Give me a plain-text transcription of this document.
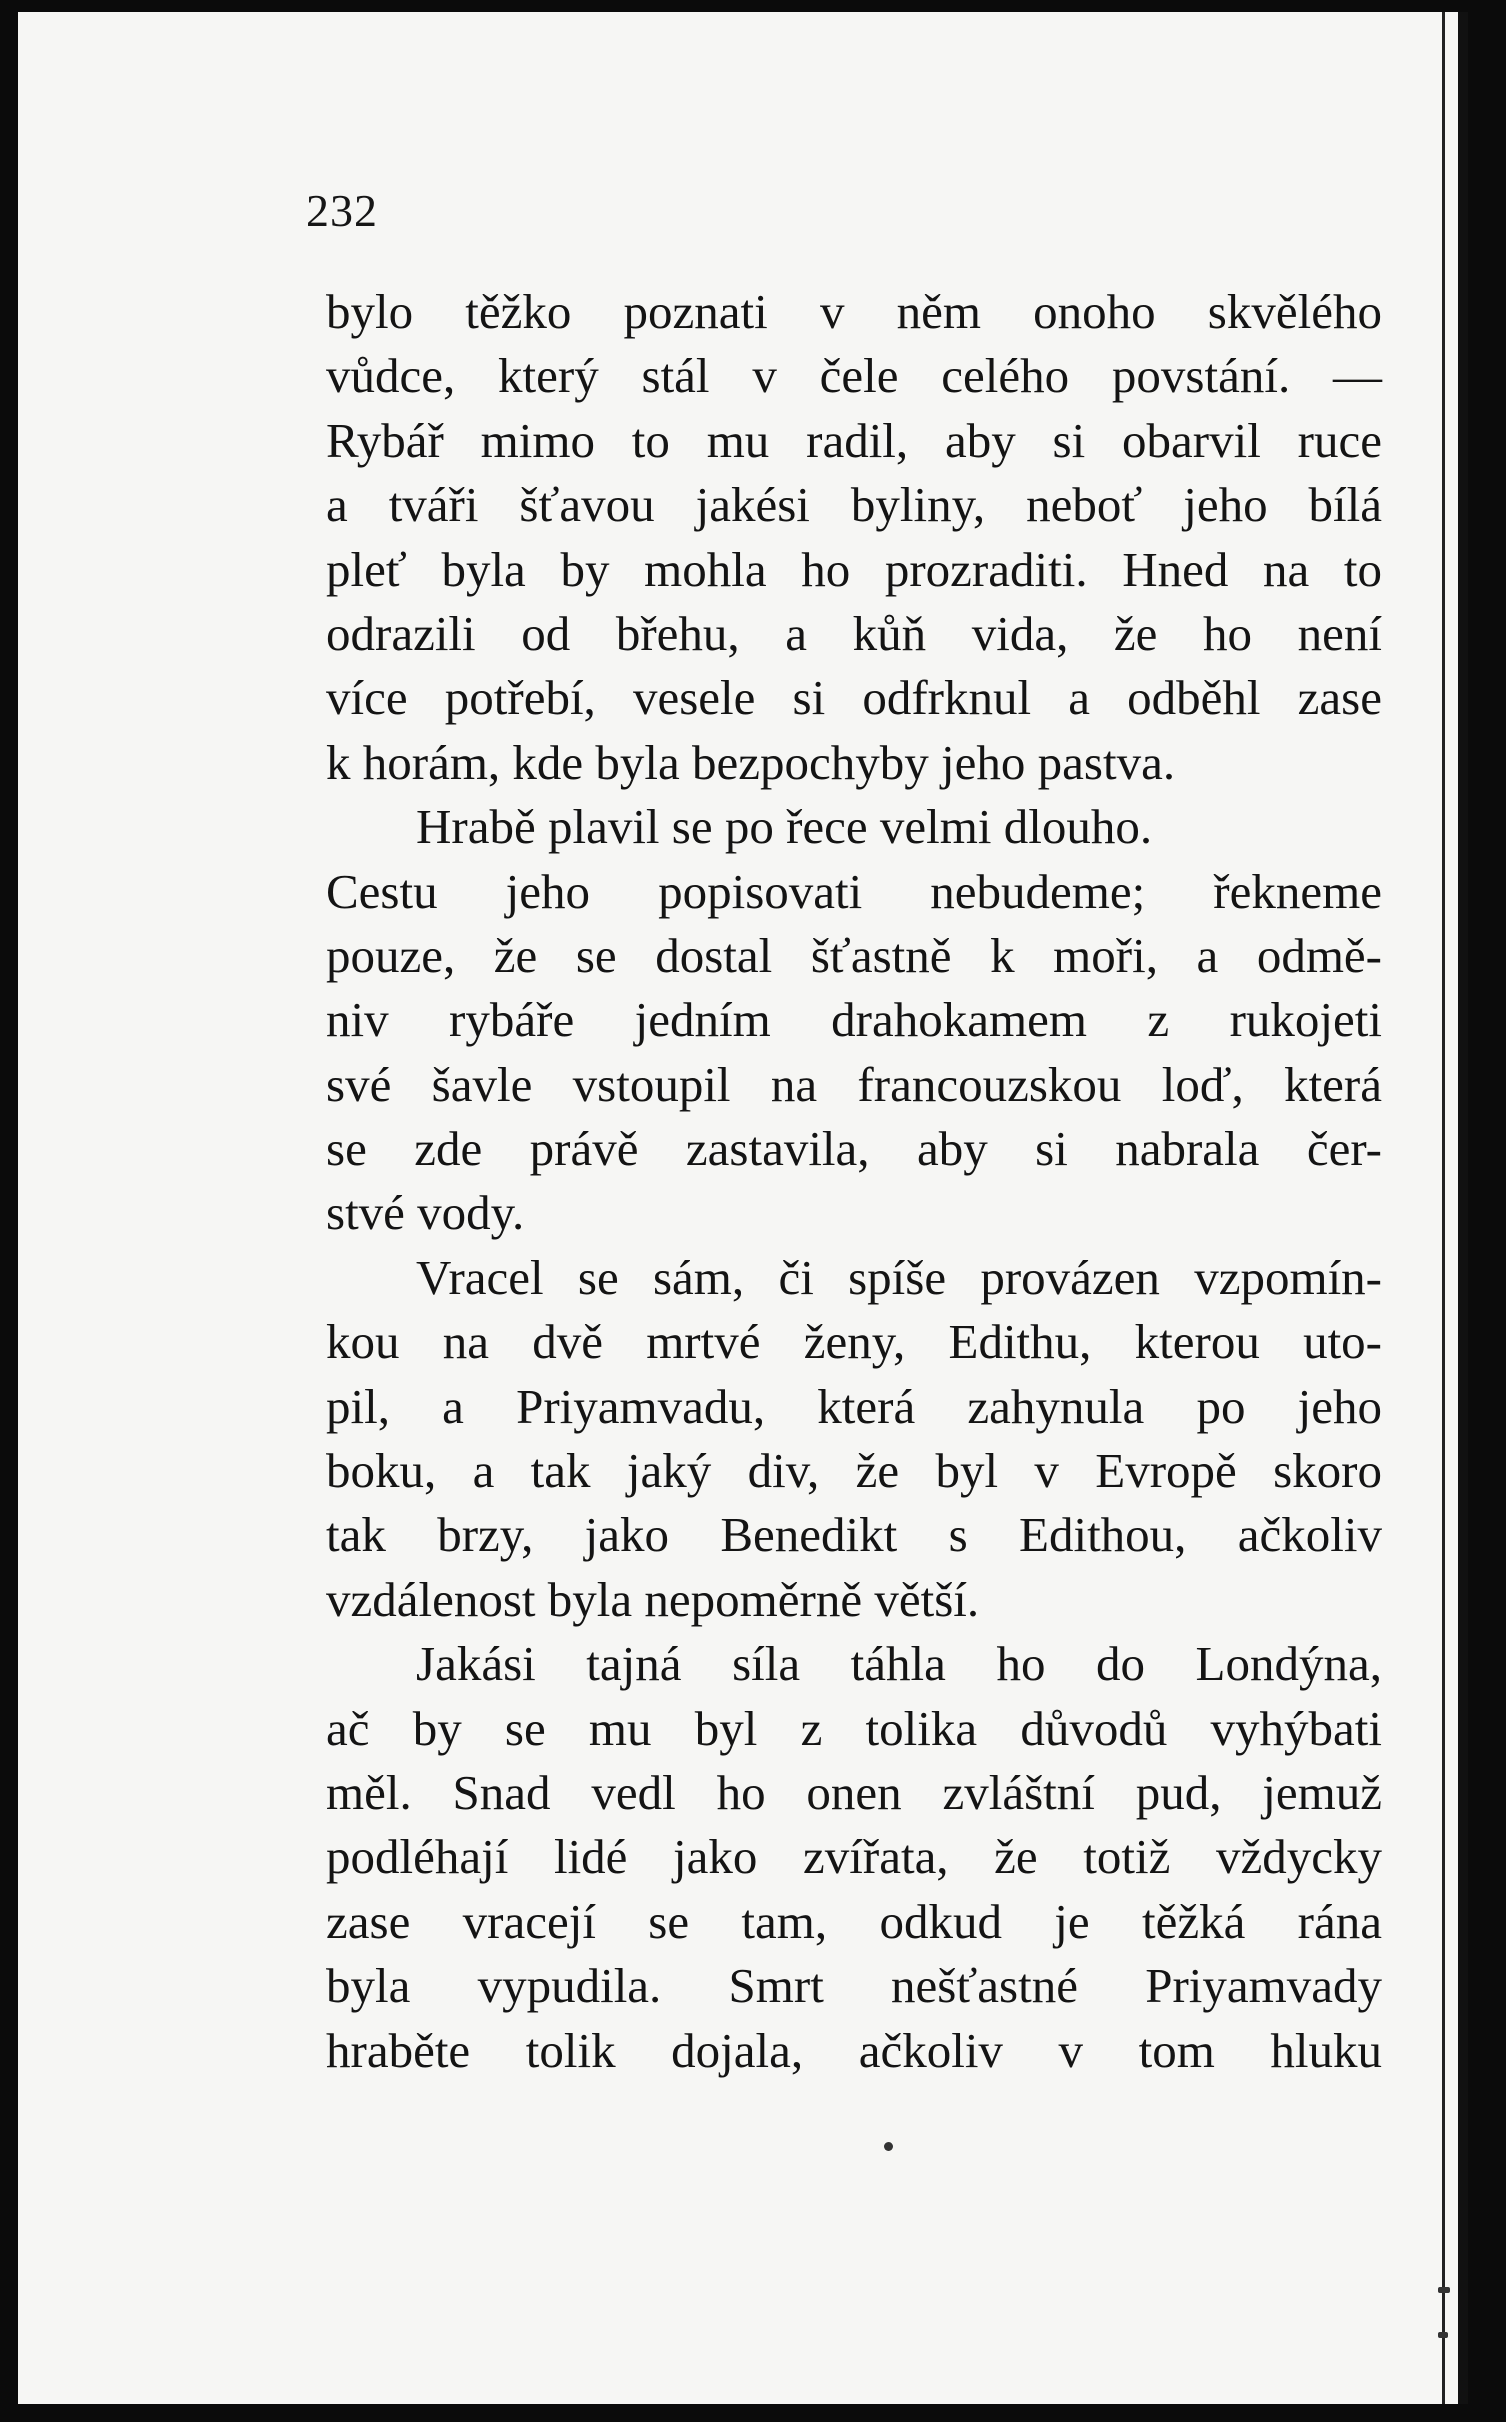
232
bylo těžko poznati v něm onoho skvělého
vůdce, který stál v čele celého povstání. —
Rybář mimo to mu radil, aby si obarvil ruce
a tváři šťavou jakési byliny, neboť jeho bílá
pleť byla by mohla ho prozraditi. Hned na to
odrazili od břehu, a kůň vida, že ho není
více potřebí, vesele si odfrknul a odběhl zase
k horám, kde byla bezpochyby jeho pastva.
Hrabě plavil se po řece velmi dlouho.
Cestu jeho popisovati nebudeme; řekneme
pouze, že se dostal šťastně k moři, a odmě-
niv rybáře jedním drahokamem z rukojeti
své šavle vstoupil na francouzskou loď, která
se zde právě zastavila, aby si nabrala čer-
stvé vody.
Vracel se sám, či spíše provázen vzpomín-
kou na dvě mrtvé ženy, Edithu, kterou uto-
pil, a Priyamvadu, která zahynula po jeho
boku, a tak jaký div, že byl v Evropě skoro
tak brzy, jako Benedikt s Edithou, ačkoliv
vzdálenost byla nepoměrně větší.
Jakási tajná síla táhla ho do Londýna,
ač by se mu byl z tolika důvodů vyhýbati
měl. Snad vedl ho onen zvláštní pud, jemuž
podléhají lidé jako zvířata, že totiž vždycky
zase vracejí se tam, odkud je těžká rána
byla vypudila. Smrt nešťastné Priyamvady
hraběte tolik dojala, ačkoliv v tom hluku
